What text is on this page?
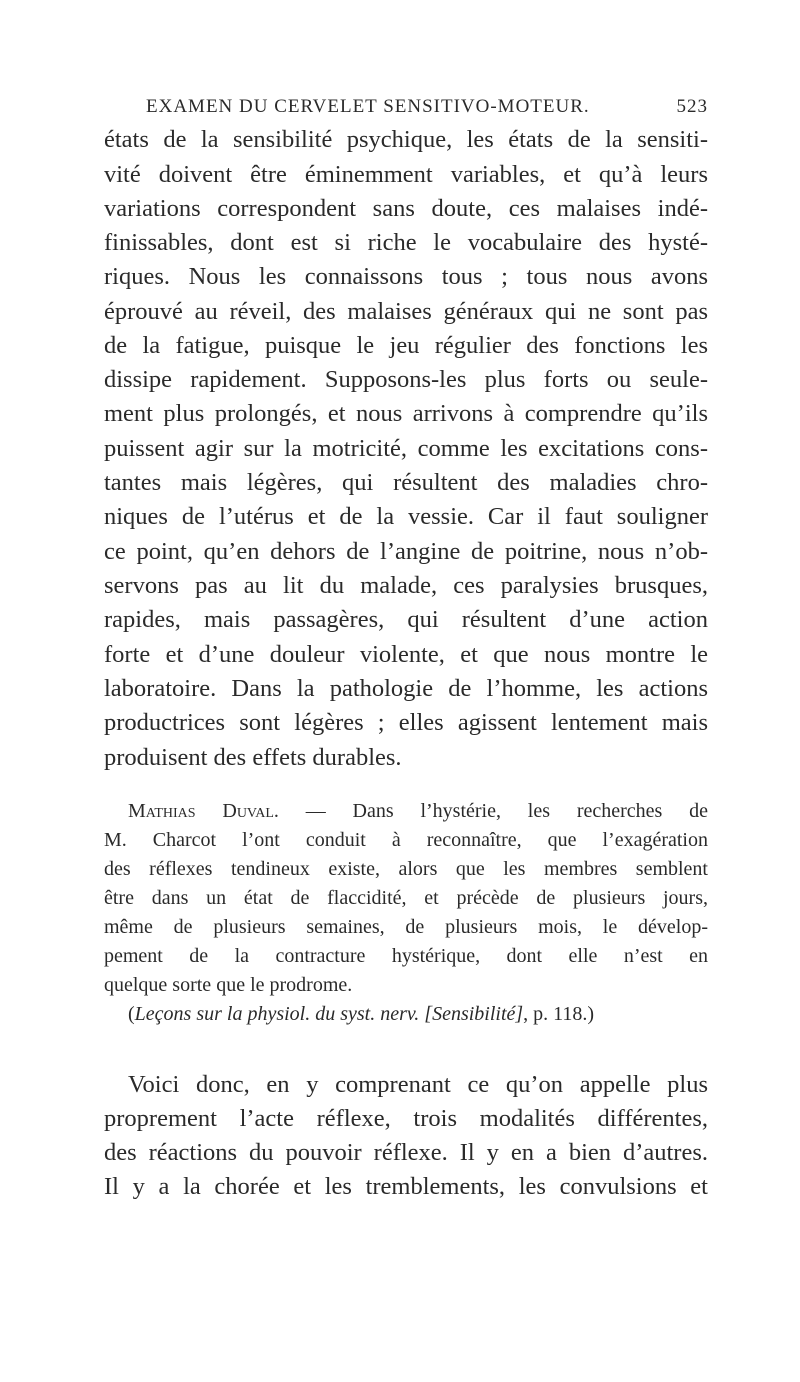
EXAMEN DU CERVELET SENSITIVO-MOTEUR.	523
états de la sensibilité psychique, les états de la sensiti-
vité doivent être éminemment variables, et qu’à leurs
variations correspondent sans doute, ces malaises indé-
finissables, dont est si riche le vocabulaire des hysté-
riques. Nous les connaissons tous ; tous nous avons
éprouvé au réveil, des malaises généraux qui ne sont pas
de la fatigue, puisque le jeu régulier des fonctions les
dissipe rapidement. Supposons-les plus forts ou seule-
ment plus prolongés, et nous arrivons à comprendre qu’ils
puissent agir sur la motricité, comme les excitations cons-
tantes mais légères, qui résultent des maladies chro-
niques de l’utérus et de la vessie. Car il faut souligner
ce point, qu’en dehors de l’angine de poitrine, nous n’ob-
servons pas au lit du malade, ces paralysies brusques,
rapides, mais passagères, qui résultent d’une action
forte et d’une douleur violente, et que nous montre le
laboratoire. Dans la pathologie de l’homme, les actions
productrices sont légères ; elles agissent lentement mais
produisent des effets durables.
Mathias Duval. — Dans l’hystérie, les recherches de
M. Charcot l’ont conduit à reconnaître, que l’exagération
des réflexes tendineux existe, alors que les membres semblent
être dans un état de flaccidité, et précède de plusieurs jours,
même de plusieurs semaines, de plusieurs mois, le dévelop-
pement de la contracture hystérique, dont elle n’est en
quelque sorte que le prodrome.
(Leçons sur la physiol. du syst. nerv. [Sensibilité], p. 118.)
Voici donc, en y comprenant ce qu’on appelle plus
proprement l’acte réflexe, trois modalités différentes,
des réactions du pouvoir réflexe. Il y en a bien d’autres.
Il y a la chorée et les tremblements, les convulsions et
